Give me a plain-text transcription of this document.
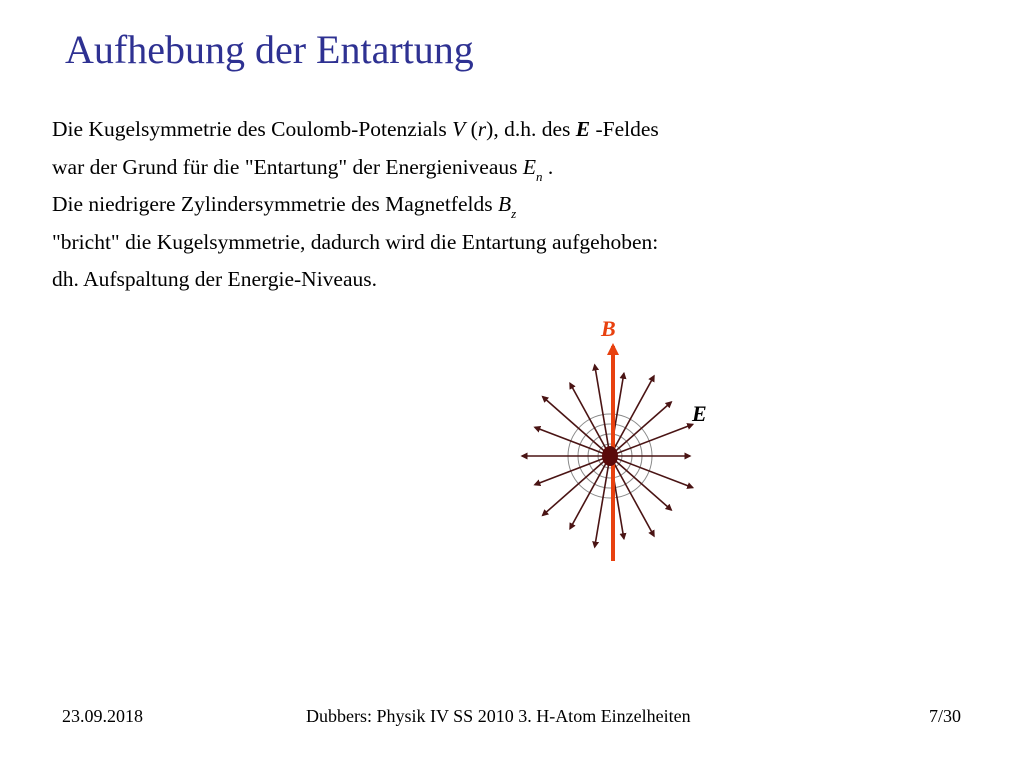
Aufhebung der Entartung
Die Kugelsymmetrie des Coulomb-Potenzials V (r), d.h. des E -Feldes
war der Grund für die "Entartung" der Energieniveaus $E_n$ .
Die niedrigere Zylindersymmetrie des Magnetfelds $B_z$
"bricht" die Kugelsymmetrie, dadurch wird die Entartung aufgehoben:
dh. Aufspaltung der Energie-Niveaus.
B
E
23.09.2018	Dubbers: Physik IV SS 2010 3. H-Atom Einzelheiten	7/30
